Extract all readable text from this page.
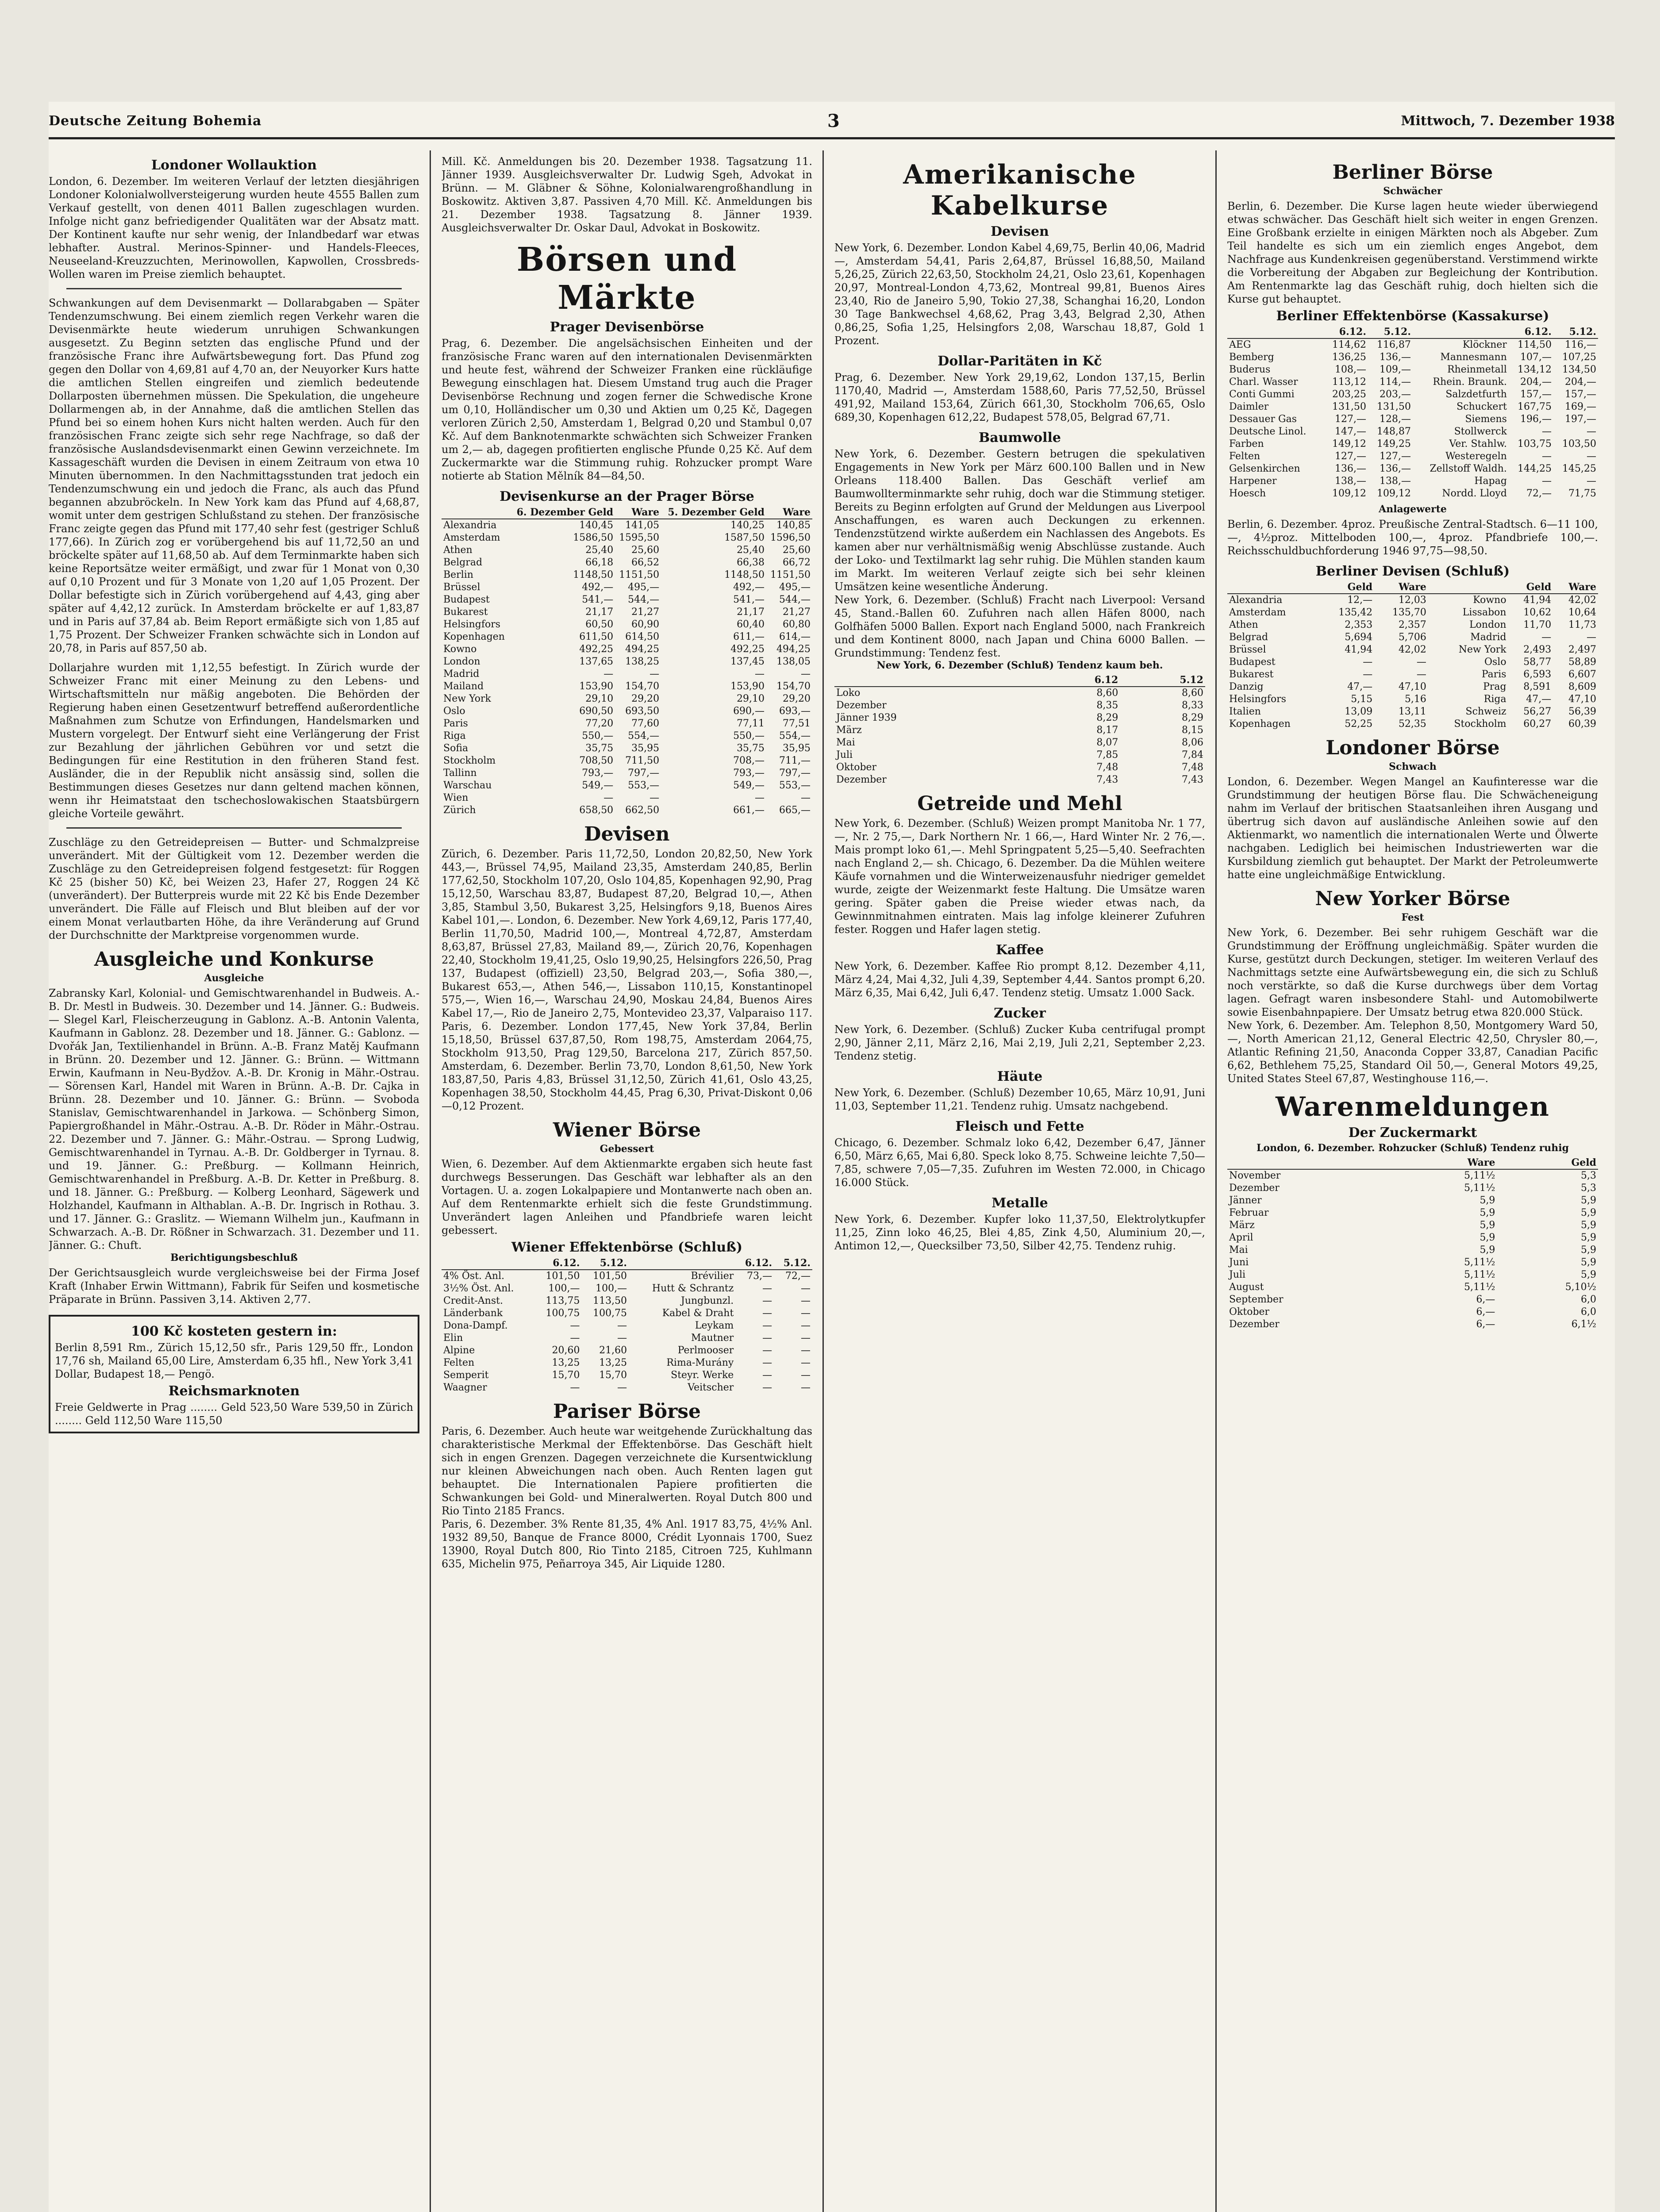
Deutsche Zeitung Bohemia	3	Mittwoch, 7. Dezember 1938
Londoner Wollauktion

London, 6. Dezember. Im weiteren Verlauf der letzten diesjährigen Londoner Kolonialwollversteigerung wurden heute 4555 Ballen zum Verkauf gestellt, von denen 4011 Ballen zugeschlagen wurden. Infolge nicht ganz befriedigender Qualitäten war der Absatz matt. Der Kontinent kaufte nur sehr wenig, der Inlandbedarf war etwas lebhafter. Austral. Merinos-Spinner- und Handels-Fleeces, Neuseeland-Kreuzzuchten, Merinowollen, Kapwollen, Crossbreds-Wollen waren im Preise ziemlich behauptet.

Schwankungen auf dem Devisenmarkt — Dollarabgaben — Später Tendenzumschwung. Bei einem ziemlich regen Verkehr waren die Devisenmärkte heute wiederum unruhigen Schwankungen ausgesetzt. Zu Beginn setzten das englische Pfund und der französische Franc ihre Aufwärtsbewegung fort. Das Pfund zog gegen den Dollar von 4,69,81 auf 4,70 an, der Neuyorker Kurs hatte die amtlichen Stellen eingreifen und ziemlich bedeutende Dollarposten übernehmen müssen. Die Spekulation, die ungeheure Dollarmengen ab, in der Annahme, daß die amtlichen Stellen das Pfund bei so einem hohen Kurs nicht halten werden. Auch für den französischen Franc zeigte sich sehr rege Nachfrage, so daß der französische Auslandsdevisenmarkt einen Gewinn verzeichnete. Im Kassageschäft wurden die Devisen in einem Zeitraum von etwa 10 Minuten übernommen. In den Nachmittagsstunden trat jedoch ein Tendenzumschwung ein und jedoch die Franc, als auch das Pfund begannen abzubröckeln. In New York kam das Pfund auf 4,68,87, womit unter dem gestrigen Schlußstand zu stehen. Der französische Franc zeigte gegen das Pfund mit 177,40 sehr fest (gestriger Schluß 177,66). In Zürich zog er vorübergehend bis auf 11,72,50 an und bröckelte später auf 11,68,50 ab. Auf dem Terminmarkte haben sich keine Reportsätze weiter ermäßigt, und zwar für 1 Monat von 0,30 auf 0,10 Prozent und für 3 Monate von 1,20 auf 1,05 Prozent. Der Dollar befestigte sich in Zürich vorübergehend auf 4,43, ging aber später auf 4,42,12 zurück. In Amsterdam bröckelte er auf 1,83,87 und in Paris auf 37,84 ab. Beim Report ermäßigte sich von 1,85 auf 1,75 Prozent. Der Schweizer Franken schwächte sich in London auf 20,78, in Paris auf 857,50 ab.

Dollarjahre wurden mit 1,12,55 befestigt. In Zürich wurde der Schweizer Franc mit einer Meinung zu den Lebens- und Wirtschaftsmitteln nur mäßig angeboten. Die Behörden der Regierung haben einen Gesetzentwurf betreffend außerordentliche Maßnahmen zum Schutze von Erfindungen, Handelsmarken und Mustern vorgelegt. Der Entwurf sieht eine Verlängerung der Frist zur Bezahlung der jährlichen Gebühren vor und setzt die Bedingungen für eine Restitution in den früheren Stand fest. Ausländer, die in der Republik nicht ansässig sind, sollen die Bestimmungen dieses Gesetzes nur dann geltend machen können, wenn ihr Heimatstaat den tschechoslowakischen Staatsbürgern gleiche Vorteile gewährt.

Zuschläge zu den Getreidepreisen — Butter- und Schmalzpreise unverändert. Mit der Gültigkeit vom 12. Dezember werden die Zuschläge zu den Getreidepreisen folgend festgesetzt: für Roggen Kč 25 (bisher 50) Kč, bei Weizen 23, Hafer 27, Roggen 24 Kč (unverändert). Der Butterpreis wurde mit 22 Kč bis Ende Dezember unverändert. Die Fälle auf Fleisch und Blut bleiben auf der vor einem Monat verlautbarten Höhe, da ihre Veränderung auf Grund der Durchschnitte der Marktpreise vorgenommen wurde.

Ausgleiche und Konkurse
Ausgleiche

Zabransky Karl, Kolonial- und Gemischtwarenhandel in Budweis. A.-B. Dr. Mestl in Budweis. 30. Dezember und 14. Jänner. G.: Budweis. — Slegel Karl, Fleischerzeugung in Gablonz. A.-B. Antonin Valenta, Kaufmann in Gablonz. 28. Dezember und 18. Jänner. G.: Gablonz. — Dvořák Jan, Textilienhandel in Brünn. A.-B. Franz Matěj Kaufmann in Brünn. 20. Dezember und 12. Jänner. G.: Brünn. — Wittmann Erwin, Kaufmann in Neu-Bydžov. A.-B. Dr. Kronig in Mähr.-Ostrau. — Sörensen Karl, Handel mit Waren in Brünn. A.-B. Dr. Cajka in Brünn. 28. Dezember und 10. Jänner. G.: Brünn. — Svoboda Stanislav, Gemischtwarenhandel in Jarkowa. — Schönberg Simon, Papiergroßhandel in Mähr.-Ostrau. A.-B. Dr. Röder in Mähr.-Ostrau. 22. Dezember und 7. Jänner. G.: Mähr.-Ostrau. — Sprong Ludwig, Gemischtwarenhandel in Tyrnau. A.-B. Dr. Goldberger in Tyrnau. 8. und 19. Jänner. G.: Preßburg. — Kollmann Heinrich, Gemischtwarenhandel in Preßburg. A.-B. Dr. Ketter in Preßburg. 8. und 18. Jänner. G.: Preßburg. — Kolberg Leonhard, Sägewerk und Holzhandel, Kaufmann in Althablan. A.-B. Dr. Ingrisch in Rothau. 3. und 17. Jänner. G.: Graslitz. — Wiemann Wilhelm jun., Kaufmann in Schwarzach. A.-B. Dr. Rößner in Schwarzach. 31. Dezember und 11. Jänner. G.: Chuft.

Berichtigungsbeschluß

Der Gerichtsausgleich wurde vergleichsweise bei der Firma Josef Kraft (Inhaber Erwin Wittmann), Fabrik für Seifen und kosmetische Präparate in Brünn. Passiven 3,14. Aktiven 2,77.

100 Kč kosteten gestern in:

Berlin 8,591 Rm., Zürich 15,12,50 sfr., Paris 129,50 ffr., London 17,76 sh, Mailand 65,00 Lire, Amsterdam 6,35 hfl., New York 3,41 Dollar, Budapest 18,— Pengö.

Reichsmarknoten

Freie Geldwerte in Prag ........ Geld 523,50 Ware 539,50 in Zürich ........ Geld 112,50 Ware 115,50

Mill. Kč. Anmeldungen bis 20. Dezember 1938. Tagsatzung 11. Jänner 1939. Ausgleichsverwalter Dr. Ludwig Sgeh, Advokat in Brünn. — M. Gläbner & Söhne, Kolonialwarengroßhandlung in Boskowitz. Aktiven 3,87. Passiven 4,70 Mill. Kč. Anmeldungen bis 21. Dezember 1938. Tagsatzung 8. Jänner 1939. Ausgleichsverwalter Dr. Oskar Daul, Advokat in Boskowitz.

Börsen und Märkte
Prager Devisenbörse

Prag, 6. Dezember. Die angelsächsischen Einheiten und der französische Franc waren auf den internationalen Devisenmärkten und heute fest, während der Schweizer Franken eine rückläufige Bewegung einschlagen hat. Diesem Umstand trug auch die Prager Devisenbörse Rechnung und zogen ferner die Schwedische Krone um 0,10, Holländischer um 0,30 und Aktien um 0,25 Kč, Dagegen verloren Zürich 2,50, Amsterdam 1, Belgrad 0,20 und Stambul 0,07 Kč. Auf dem Banknotenmarkte schwächten sich Schweizer Franken um 2,— ab, dagegen profitierten englische Pfunde 0,25 Kč. Auf dem Zuckermarkte war die Stimmung ruhig. Rohzucker prompt Ware notierte ab Station Mělník 84—84,50.

Devisenkurse an der Prager Börse
	6. Dezember Geld	Ware	5. Dezember Geld	Ware
Alexandria	140,45	141,05	140,25	140,85
Amsterdam	1586,50	1595,50	1587,50	1596,50
Athen	25,40	25,60	25,40	25,60
Belgrad	66,18	66,52	66,38	66,72
Berlin	1148,50	1151,50	1148,50	1151,50
Brüssel	492,—	495,—	492,—	495,—
Budapest	541,—	544,—	541,—	544,—
Bukarest	21,17	21,27	21,17	21,27
Helsingfors	60,50	60,90	60,40	60,80
Kopenhagen	611,50	614,50	611,—	614,—
Kowno	492,25	494,25	492,25	494,25
London	137,65	138,25	137,45	138,05
Madrid	—	—	—	—
Mailand	153,90	154,70	153,90	154,70
New York	29,10	29,20	29,10	29,20
Oslo	690,50	693,50	690,—	693,—
Paris	77,20	77,60	77,11	77,51
Riga	550,—	554,—	550,—	554,—
Sofia	35,75	35,95	35,75	35,95
Stockholm	708,50	711,50	708,—	711,—
Tallinn	793,—	797,—	793,—	797,—
Warschau	549,—	553,—	549,—	553,—
Wien	—	—	—	—
Zürich	658,50	662,50	661,—	665,—
Devisen

Zürich, 6. Dezember. Paris 11,72,50, London 20,82,50, New York 443,—, Brüssel 74,95, Mailand 23,35, Amsterdam 240,85, Berlin 177,62,50, Stockholm 107,20, Oslo 104,85, Kopenhagen 92,90, Prag 15,12,50, Warschau 83,87, Budapest 87,20, Belgrad 10,—, Athen 3,85, Stambul 3,50, Bukarest 3,25, Helsingfors 9,18, Buenos Aires Kabel 101,—. London, 6. Dezember. New York 4,69,12, Paris 177,40, Berlin 11,70,50, Madrid 100,—, Montreal 4,72,87, Amsterdam 8,63,87, Brüssel 27,83, Mailand 89,—, Zürich 20,76, Kopenhagen 22,40, Stockholm 19,41,25, Oslo 19,90,25, Helsingfors 226,50, Prag 137, Budapest (offiziell) 23,50, Belgrad 203,—, Sofia 380,—, Bukarest 653,—, Athen 546,—, Lissabon 110,15, Konstantinopel 575,—, Wien 16,—, Warschau 24,90, Moskau 24,84, Buenos Aires Kabel 17,—, Rio de Janeiro 2,75, Montevideo 23,37, Valparaiso 117. Paris, 6. Dezember. London 177,45, New York 37,84, Berlin 15,18,50, Brüssel 637,87,50, Rom 198,75, Amsterdam 2064,75, Stockholm 913,50, Prag 129,50, Barcelona 217, Zürich 857,50. Amsterdam, 6. Dezember. Berlin 73,70, London 8,61,50, New York 183,87,50, Paris 4,83, Brüssel 31,12,50, Zürich 41,61, Oslo 43,25, Kopenhagen 38,50, Stockholm 44,45, Prag 6,30, Privat-Diskont 0,06—0,12 Prozent.

Wiener Börse
Gebessert

Wien, 6. Dezember. Auf dem Aktienmarkte ergaben sich heute fast durchwegs Besserungen. Das Geschäft war lebhafter als an den Vortagen. U. a. zogen Lokalpapiere und Montanwerte nach oben an. Auf dem Rentenmarkte erhielt sich die feste Grundstimmung. Unverändert lagen Anleihen und Pfandbriefe waren leicht gebessert.

Wiener Effektenbörse (Schluß)
	6.12.	5.12.		6.12.	5.12.
4% Öst. Anl.	101,50	101,50	Brévilier	73,—	72,—
3½% Öst. Anl.	100,—	100,—	Hutt & Schrantz	—	—
Credit-Anst.	113,75	113,50	Jungbunzl.	—	—
Länderbank	100,75	100,75	Kabel & Draht	—	—
Dona-Dampf.	—	—	Leykam	—	—
Elin	—	—	Mautner	—	—
Alpine	20,60	21,60	Perlmooser	—	—
Felten	13,25	13,25	Rima-Murány	—	—
Semperit	15,70	15,70	Steyr. Werke	—	—
Waagner	—	—	Veitscher	—	—
Pariser Börse

Paris, 6. Dezember. Auch heute war weitgehende Zurückhaltung das charakteristische Merkmal der Effektenbörse. Das Geschäft hielt sich in engen Grenzen. Dagegen verzeichnete die Kursentwicklung nur kleinen Abweichungen nach oben. Auch Renten lagen gut behauptet. Die Internationalen Papiere profitierten die Schwankungen bei Gold- und Mineralwerten. Royal Dutch 800 und Rio Tinto 2185 Francs.

Paris, 6. Dezember. 3% Rente 81,35, 4% Anl. 1917 83,75, 4½% Anl. 1932 89,50, Banque de France 8000, Crédit Lyonnais 1700, Suez 13900, Royal Dutch 800, Rio Tinto 2185, Citroen 725, Kuhlmann 635, Michelin 975, Peñarroya 345, Air Liquide 1280.

Amerikanische Kabelkurse
Devisen

New York, 6. Dezember. London Kabel 4,69,75, Berlin 40,06, Madrid —, Amsterdam 54,41, Paris 2,64,87, Brüssel 16,88,50, Mailand 5,26,25, Zürich 22,63,50, Stockholm 24,21, Oslo 23,61, Kopenhagen 20,97, Montreal-London 4,73,62, Montreal 99,81, Buenos Aires 23,40, Rio de Janeiro 5,90, Tokio 27,38, Schanghai 16,20, London 30 Tage Bankwechsel 4,68,62, Prag 3,43, Belgrad 2,30, Athen 0,86,25, Sofia 1,25, Helsingfors 2,08, Warschau 18,87, Gold 1 Prozent.

Dollar-Paritäten in Kč

Prag, 6. Dezember. New York 29,19,62, London 137,15, Berlin 1170,40, Madrid —, Amsterdam 1588,60, Paris 77,52,50, Brüssel 491,92, Mailand 153,64, Zürich 661,30, Stockholm 706,65, Oslo 689,30, Kopenhagen 612,22, Budapest 578,05, Belgrad 67,71.

Baumwolle

New York, 6. Dezember. Gestern betrugen die spekulativen Engagements in New York per März 600.100 Ballen und in New Orleans 118.400 Ballen. Das Geschäft verlief am Baumwollterminmarkte sehr ruhig, doch war die Stimmung stetiger. Bereits zu Beginn erfolgten auf Grund der Meldungen aus Liverpool Anschaffungen, es waren auch Deckungen zu erkennen. Tendenzstützend wirkte außerdem ein Nachlassen des Angebots. Es kamen aber nur verhältnismäßig wenig Abschlüsse zustande. Auch der Loko- und Textilmarkt lag sehr ruhig. Die Mühlen standen kaum im Markt. Im weiteren Verlauf zeigte sich bei sehr kleinen Umsätzen keine wesentliche Änderung.

New York, 6. Dezember. (Schluß) Fracht nach Liverpool: Versand 45, Stand.-Ballen 60. Zufuhren nach allen Häfen 8000, nach Golfhäfen 5000 Ballen. Export nach England 5000, nach Frankreich und dem Kontinent 8000, nach Japan und China 6000 Ballen. — Grundstimmung: Tendenz fest.

New York, 6. Dezember (Schluß) Tendenz kaum beh.
	6.12	5.12
Loko	8,60	8,60
Dezember	8,35	8,33
Jänner 1939	8,29	8,29
März	8,17	8,15
Mai	8,07	8,06
Juli	7,85	7,84
Oktober	7,48	7,48
Dezember	7,43	7,43
Getreide und Mehl

New York, 6. Dezember. (Schluß) Weizen prompt Manitoba Nr. 1 77,—, Nr. 2 75,—, Dark Northern Nr. 1 66,—, Hard Winter Nr. 2 76,—. Mais prompt loko 61,—. Mehl Springpatent 5,25—5,40. Seefrachten nach England 2,— sh. Chicago, 6. Dezember. Da die Mühlen weitere Käufe vornahmen und die Winterweizenausfuhr niedriger gemeldet wurde, zeigte der Weizenmarkt feste Haltung. Die Umsätze waren gering. Später gaben die Preise wieder etwas nach, da Gewinnmitnahmen eintraten. Mais lag infolge kleinerer Zufuhren fester. Roggen und Hafer lagen stetig.

Kaffee

New York, 6. Dezember. Kaffee Rio prompt 8,12. Dezember 4,11, März 4,24, Mai 4,32, Juli 4,39, September 4,44. Santos prompt 6,20. März 6,35, Mai 6,42, Juli 6,47. Tendenz stetig. Umsatz 1.000 Sack.

Zucker

New York, 6. Dezember. (Schluß) Zucker Kuba centrifugal prompt 2,90, Jänner 2,11, März 2,16, Mai 2,19, Juli 2,21, September 2,23. Tendenz stetig.

Häute

New York, 6. Dezember. (Schluß) Dezember 10,65, März 10,91, Juni 11,03, September 11,21. Tendenz ruhig. Umsatz nachgebend.

Fleisch und Fette

Chicago, 6. Dezember. Schmalz loko 6,42, Dezember 6,47, Jänner 6,50, März 6,65, Mai 6,80. Speck loko 8,75. Schweine leichte 7,50—7,85, schwere 7,05—7,35. Zufuhren im Westen 72.000, in Chicago 16.000 Stück.

Metalle

New York, 6. Dezember. Kupfer loko 11,37,50, Elektrolytkupfer 11,25, Zinn loko 46,25, Blei 4,85, Zink 4,50, Aluminium 20,—, Antimon 12,—, Quecksilber 73,50, Silber 42,75. Tendenz ruhig.

Berliner Börse
Schwächer

Berlin, 6. Dezember. Die Kurse lagen heute wieder überwiegend etwas schwächer. Das Geschäft hielt sich weiter in engen Grenzen. Eine Großbank erzielte in einigen Märkten noch als Abgeber. Zum Teil handelte es sich um ein ziemlich enges Angebot, dem Nachfrage aus Kundenkreisen gegenüberstand. Verstimmend wirkte die Vorbereitung der Abgaben zur Begleichung der Kontribution. Am Rentenmarkte lag das Geschäft ruhig, doch hielten sich die Kurse gut behauptet.

Berliner Effektenbörse (Kassakurse)
	6.12.	5.12.		6.12.	5.12.
AEG	114,62	116,87	Klöckner	114,50	116,—
Bemberg	136,25	136,—	Mannesmann	107,—	107,25
Buderus	108,—	109,—	Rheinmetall	134,12	134,50
Charl. Wasser	113,12	114,—	Rhein. Braunk.	204,—	204,—
Conti Gummi	203,25	203,—	Salzdetfurth	157,—	157,—
Daimler	131,50	131,50	Schuckert	167,75	169,—
Dessauer Gas	127,—	128,—	Siemens	196,—	197,—
Deutsche Linol.	147,—	148,87	Stollwerck	—	—
Farben	149,12	149,25	Ver. Stahlw.	103,75	103,50
Felten	127,—	127,—	Westeregeln	—	—
Gelsenkirchen	136,—	136,—	Zellstoff Waldh.	144,25	145,25
Harpener	138,—	138,—	Hapag	—	—
Hoesch	109,12	109,12	Nordd. Lloyd	72,—	71,75
Anlagewerte

Berlin, 6. Dezember. 4proz. Preußische Zentral-Stadtsch. 6—11 100,—, 4½proz. Mittelboden 100,—, 4proz. Pfandbriefe 100,—. Reichsschuldbuchforderung 1946 97,75—98,50.

Berliner Devisen (Schluß)
	Geld	Ware		Geld	Ware
Alexandria	12,—	12,03	Kowno	41,94	42,02
Amsterdam	135,42	135,70	Lissabon	10,62	10,64
Athen	2,353	2,357	London	11,70	11,73
Belgrad	5,694	5,706	Madrid	—	—
Brüssel	41,94	42,02	New York	2,493	2,497
Budapest	—	—	Oslo	58,77	58,89
Bukarest	—	—	Paris	6,593	6,607
Danzig	47,—	47,10	Prag	8,591	8,609
Helsingfors	5,15	5,16	Riga	47,—	47,10
Italien	13,09	13,11	Schweiz	56,27	56,39
Kopenhagen	52,25	52,35	Stockholm	60,27	60,39
Londoner Börse
Schwach

London, 6. Dezember. Wegen Mangel an Kaufinteresse war die Grundstimmung der heutigen Börse flau. Die Schwächeneigung nahm im Verlauf der britischen Staatsanleihen ihren Ausgang und übertrug sich davon auf ausländische Anleihen sowie auf den Aktienmarkt, wo namentlich die internationalen Werte und Ölwerte nachgaben. Lediglich bei heimischen Industriewerten war die Kursbildung ziemlich gut behauptet. Der Markt der Petroleumwerte hatte eine ungleichmäßige Entwicklung.

New Yorker Börse
Fest

New York, 6. Dezember. Bei sehr ruhigem Geschäft war die Grundstimmung der Eröffnung ungleichmäßig. Später wurden die Kurse, gestützt durch Deckungen, stetiger. Im weiteren Verlauf des Nachmittags setzte eine Aufwärtsbewegung ein, die sich zu Schluß noch verstärkte, so daß die Kurse durchwegs über dem Vortag lagen. Gefragt waren insbesondere Stahl- und Automobilwerte sowie Eisenbahnpapiere. Der Umsatz betrug etwa 820.000 Stück.

New York, 6. Dezember. Am. Telephon 8,50, Montgomery Ward 50,—, North American 21,12, General Electric 42,50, Chrysler 80,—, Atlantic Refining 21,50, Anaconda Copper 33,87, Canadian Pacific 6,62, Bethlehem 75,25, Standard Oil 50,—, General Motors 49,25, United States Steel 67,87, Westinghouse 116,—.

Warenmeldungen
Der Zuckermarkt
London, 6. Dezember. Rohzucker (Schluß) Tendenz ruhig
	Ware	Geld
November	5,11½	5,3
Dezember	5,11½	5,3
Jänner	5,9	5,9
Februar	5,9	5,9
März	5,9	5,9
April	5,9	5,9
Mai	5,9	5,9
Juni	5,11½	5,9
Juli	5,11½	5,9
August	5,11½	5,10½
September	6,—	6,0
Oktober	6,—	6,0
Dezember	6,—	6,1½
